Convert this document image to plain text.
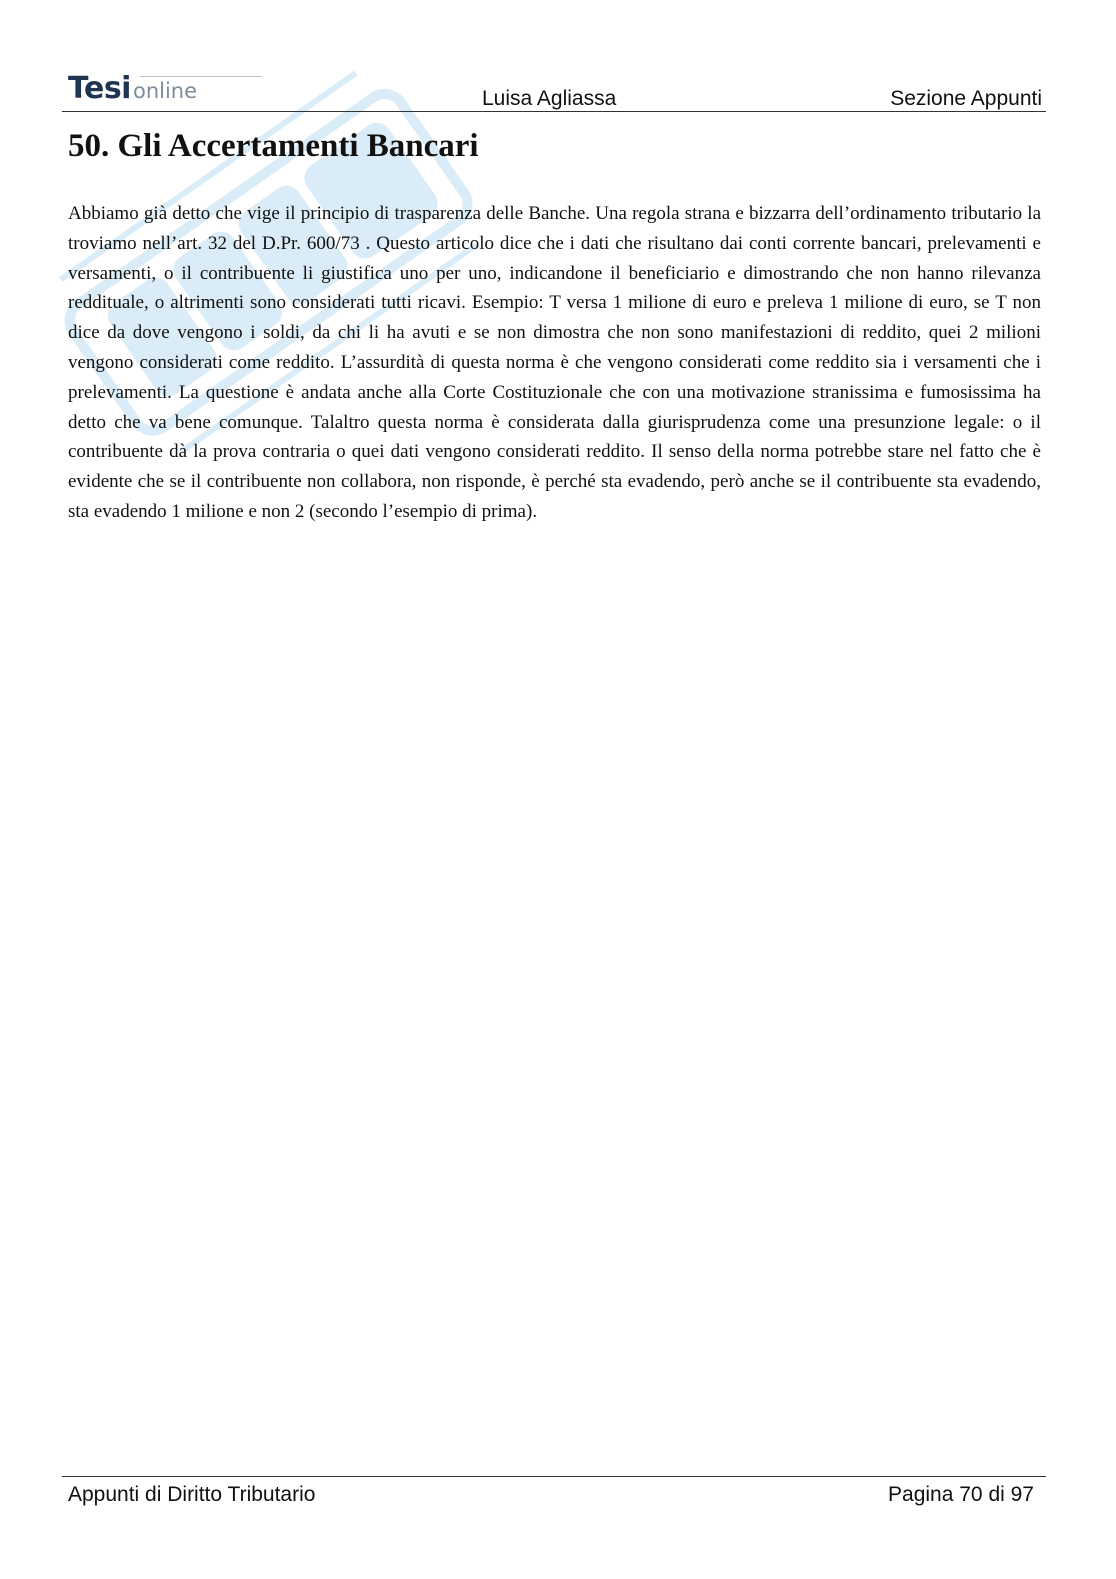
Tesionline	Luisa Agliassa	Sezione Appunti
50. Gli Accertamenti Bancari

Abbiamo già detto che vige il principio di trasparenza delle Banche. Una regola strana e bizzarra dell’ordinamento tributario la troviamo nell’art. 32 del D.Pr. 600/73 . Questo articolo dice che i dati che risultano dai conti corrente bancari, prelevamenti e versamenti, o il contribuente li giustifica uno per uno, indicandone il beneficiario e dimostrando che non hanno rilevanza reddituale, o altrimenti sono considerati tutti ricavi. Esempio: T versa 1 milione di euro e preleva 1 milione di euro, se T non dice da dove vengono i soldi, da chi li ha avuti e se non dimostra che non sono manifestazioni di reddito, quei 2 milioni vengono considerati come reddito. L’assurdità di questa norma è che vengono considerati come reddito sia i versamenti che i prelevamenti. La questione è andata anche alla Corte Costituzionale che con una motivazione stranissima e fumosissima ha detto che va bene comunque. Talaltro questa norma è considerata dalla giurisprudenza come una presunzione legale: o il contribuente dà la prova contraria o quei dati vengono considerati reddito. Il senso della norma potrebbe stare nel fatto che è evidente che se il contribuente non collabora, non risponde, è perché sta evadendo, però anche se il contribuente sta evadendo, sta evadendo 1 milione e non 2 (secondo l’esempio di prima).

Appunti di Diritto Tributario	Pagina 70 di 97
